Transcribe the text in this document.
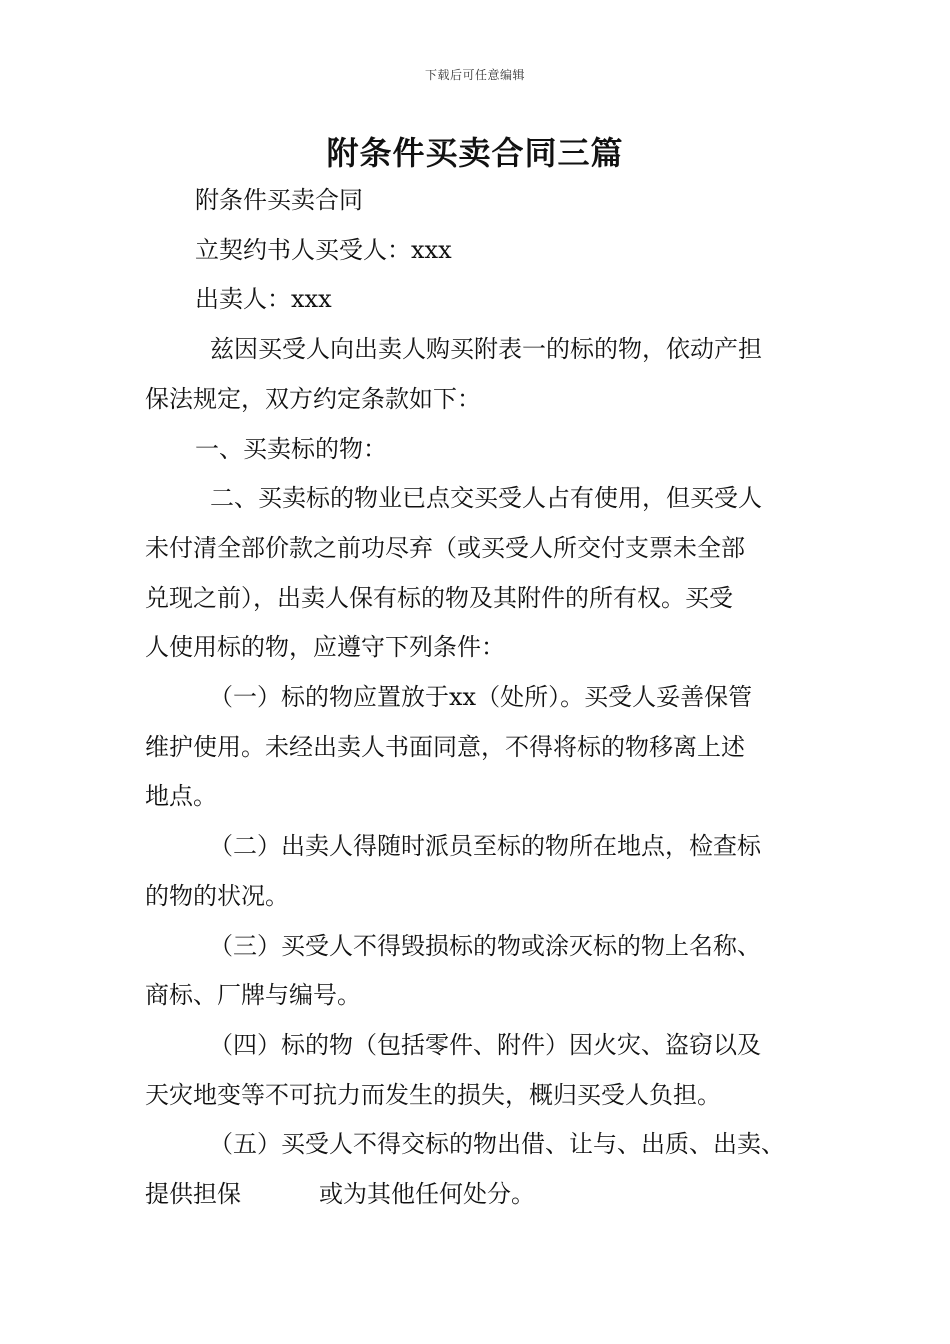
下载后可任意编辑
附条件买卖合同三篇

附条件买卖合同

立契约书人买受人：xxx

出卖人：xxx

兹因买受人向出卖人购买附表一的标的物，依动产担

保法规定，双方约定条款如下：

一、买卖标的物：

二、买卖标的物业已点交买受人占有使用，但买受人

未付清全部价款之前功尽弃（或买受人所交付支票未全部

兑现之前），出卖人保有标的物及其附件的所有权。买受

人使用标的物，应遵守下列条件：

（一）标的物应置放于xx（处所）。买受人妥善保管

维护使用。未经出卖人书面同意，不得将标的物移离上述

地点。

（二）出卖人得随时派员至标的物所在地点，检查标

的物的状况。

（三）买受人不得毁损标的物或涂灭标的物上名称、

商标、厂牌与编号。

（四）标的物（包括零件、附件）因火灾、盗窃以及

天灾地变等不可抗力而发生的损失，概归买受人负担。

（五）买受人不得交标的物出借、让与、出质、出卖、

提供担保	或为其他任何处分。
